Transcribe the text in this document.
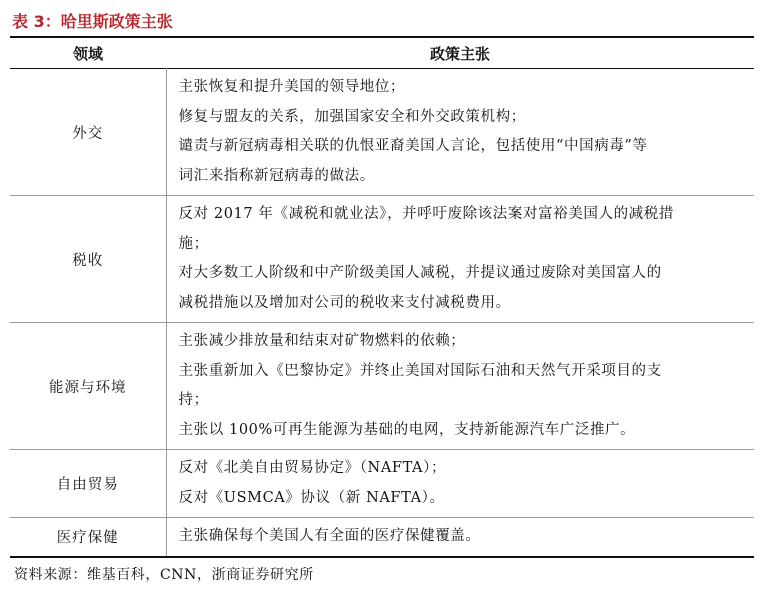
表 3：哈里斯政策主张
领域	政策主张
外交	主张恢复和提升美国的领导地位；
修复与盟友的关系，加强国家安全和外交政策机构；
谴责与新冠病毒相关联的仇恨亚裔美国人言论，包括使用“中国病毒”等
词汇来指称新冠病毒的做法。

税收	反对 2017 年《减税和就业法》，并呼吁废除该法案对富裕美国人的减税措
施；
对大多数工人阶级和中产阶级美国人减税，并提议通过废除对美国富人的
减税措施以及增加对公司的税收来支付减税费用。

能源与环境	主张减少排放量和结束对矿物燃料的依赖；
主张重新加入《巴黎协定》并终止美国对国际石油和天然气开采项目的支
持；
主张以 100%可再生能源为基础的电网，支持新能源汽车广泛推广。

自由贸易	反对《北美自由贸易协定》（NAFTA）；
反对《USMCA》协议（新 NAFTA）。

医疗保健	主张确保每个美国人有全面的医疗保健覆盖。
资料来源：维基百科，CNN，浙商证券研究所
